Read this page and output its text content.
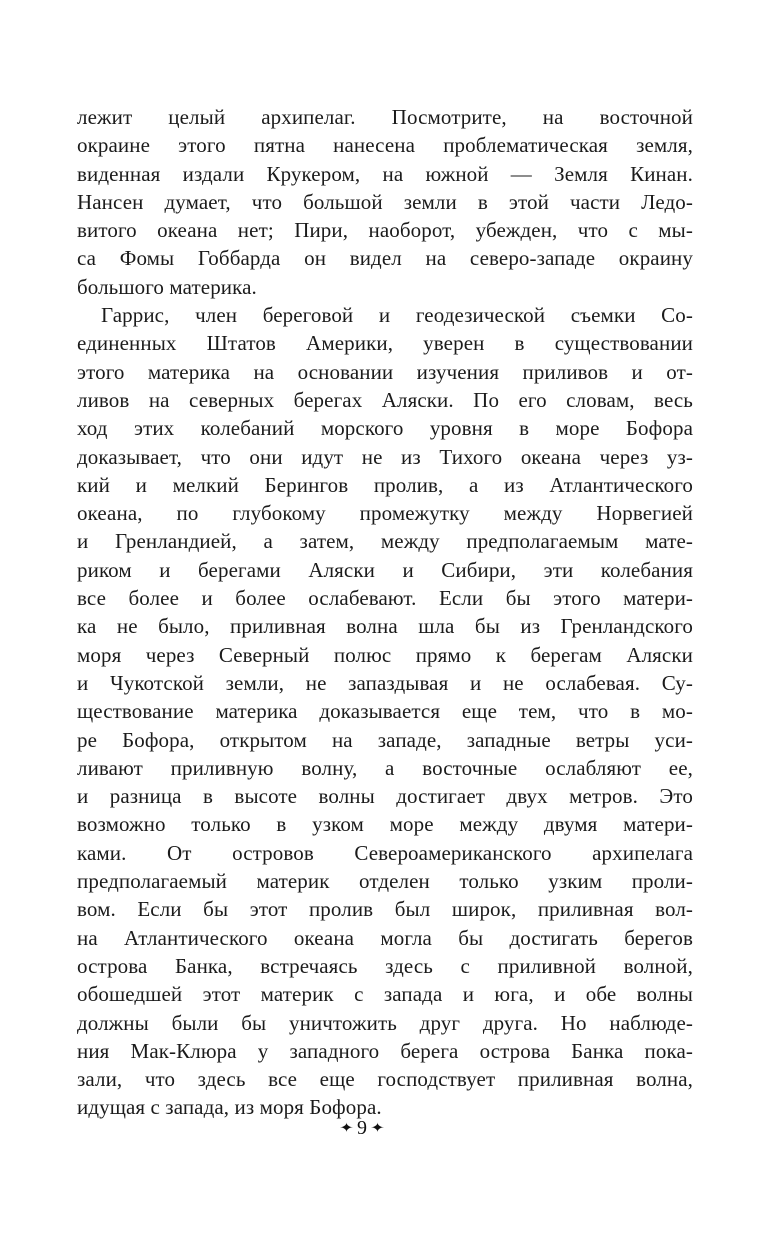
лежит целый архипелаг. Посмотрите, на восточной
окраине этого пятна нанесена проблематическая земля,
виденная издали Крукером, на южной — Земля Кинан.
Нансен думает, что большой земли в этой части Ледо-
витого океана нет; Пири, наоборот, убежден, что с мы-
са Фомы Гоббарда он видел на северо-западе окраину
большого материка.

Гаррис, член береговой и геодезической съемки Со-
единенных Штатов Америки, уверен в существовании
этого материка на основании изучения приливов и от-
ливов на северных берегах Аляски. По его словам, весь
ход этих колебаний морского уровня в море Бофора
доказывает, что они идут не из Тихого океана через уз-
кий и мелкий Берингов пролив, а из Атлантического
океана, по глубокому промежутку между Норвегией
и Гренландией, а затем, между предполагаемым мате-
риком и берегами Аляски и Сибири, эти колебания
все более и более ослабевают. Если бы этого матери-
ка не было, приливная волна шла бы из Гренландского
моря через Северный полюс прямо к берегам Аляски
и Чукотской земли, не запаздывая и не ослабевая. Су-
ществование материка доказывается еще тем, что в мо-
ре Бофора, открытом на западе, западные ветры уси-
ливают приливную волну, а восточные ослабляют ее,
и разница в высоте волны достигает двух метров. Это
возможно только в узком море между двумя матери-
ками. От островов Североамериканского архипелага
предполагаемый материк отделен только узким проли-
вом. Если бы этот пролив был широк, приливная вол-
на Атлантического океана могла бы достигать берегов
острова Банка, встречаясь здесь с приливной волной,
обошедшей этот материк с запада и юга, и обе волны
должны были бы уничтожить друг друга. Но наблюде-
ния Мак-Клюра у западного берега острова Банка пока-
зали, что здесь все еще господствует приливная волна,
идущая с запада, из моря Бофора.

✦ 9 ✦
